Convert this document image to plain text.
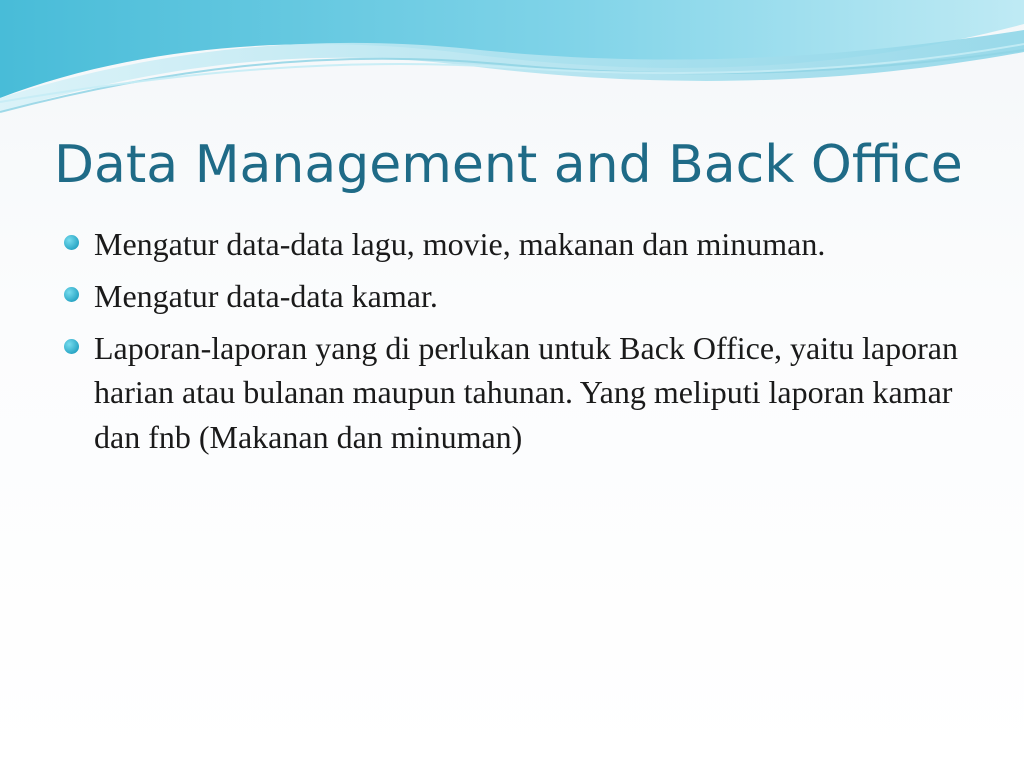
Data Management and Back Office
Mengatur data-data lagu, movie, makanan dan minuman.
Mengatur data-data kamar.
Laporan-laporan yang di perlukan untuk Back Office, yaitu laporan harian atau bulanan maupun tahunan. Yang meliputi laporan kamar dan fnb (Makanan dan minuman)
